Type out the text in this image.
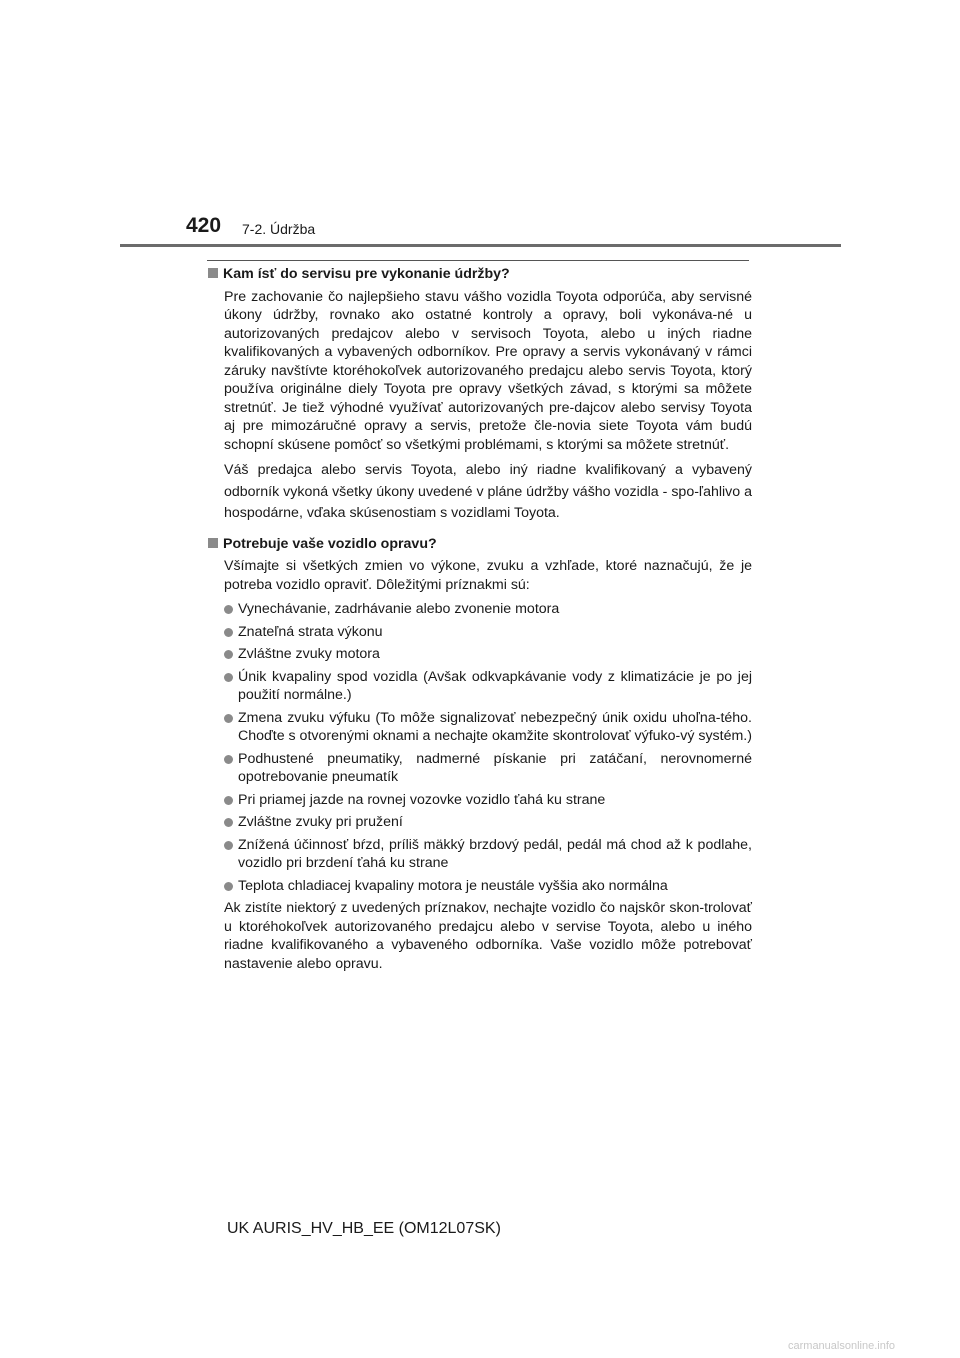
420 7-2. Údržba
Kam ísť do servisu pre vykonanie údržby?

Pre zachovanie čo najlepšieho stavu vášho vozidla Toyota odporúča, aby servisné úkony údržby, rovnako ako ostatné kontroly a opravy, boli vykonáva-né u autorizovaných predajcov alebo v servisoch Toyota, alebo u iných riadne kvalifikovaných a vybavených odborníkov. Pre opravy a servis vykonávaný v rámci záruky navštívte ktoréhokoľvek autorizovaného predajcu alebo servis Toyota, ktorý používa originálne diely Toyota pre opravy všetkých závad, s ktorými sa môžete stretnúť. Je tiež výhodné využívať autorizovaných pre-dajcov alebo servisy Toyota aj pre mimozáručné opravy a servis, pretože čle-novia siete Toyota vám budú schopní skúsene pomôcť so všetkými problémami, s ktorými sa môžete stretnúť.

Váš predajca alebo servis Toyota, alebo iný riadne kvalifikovaný a vybavený odborník vykoná všetky úkony uvedené v pláne údržby vášho vozidla - spo-ľahlivo a hospodárne, vďaka skúsenostiam s vozidlami Toyota.

Potrebuje vaše vozidlo opravu?

Všímajte si všetkých zmien vo výkone, zvuku a vzhľade, ktoré naznačujú, že je potreba vozidlo opraviť. Dôležitými príznakmi sú:

Vynechávanie, zadrhávanie alebo zvonenie motora
Znateľná strata výkonu
Zvláštne zvuky motora
Únik kvapaliny spod vozidla (Avšak odkvapkávanie vody z klimatizácie je po jej použití normálne.)
Zmena zvuku výfuku (To môže signalizovať nebezpečný únik oxidu uhoľna-tého. Choďte s otvorenými oknami a nechajte okamžite skontrolovať výfuko-vý systém.)
Podhustené pneumatiky, nadmerné pískanie pri zatáčaní, nerovnomerné opotrebovanie pneumatík
Pri priamej jazde na rovnej vozovke vozidlo ťahá ku strane
Zvláštne zvuky pri pružení
Znížená účinnosť bŕzd, príliš mäkký brzdový pedál, pedál má chod až k podlahe, vozidlo pri brzdení ťahá ku strane
Teplota chladiacej kvapaliny motora je neustále vyššia ako normálna

Ak zistíte niektorý z uvedených príznakov, nechajte vozidlo čo najskôr skon-trolovať u ktoréhokoľvek autorizovaného predajcu alebo v servise Toyota, alebo u iného riadne kvalifikovaného a vybaveného odborníka. Vaše vozidlo môže potrebovať nastavenie alebo opravu.

UK AURIS_HV_HB_EE (OM12L07SK)
carmanualsonline.info
